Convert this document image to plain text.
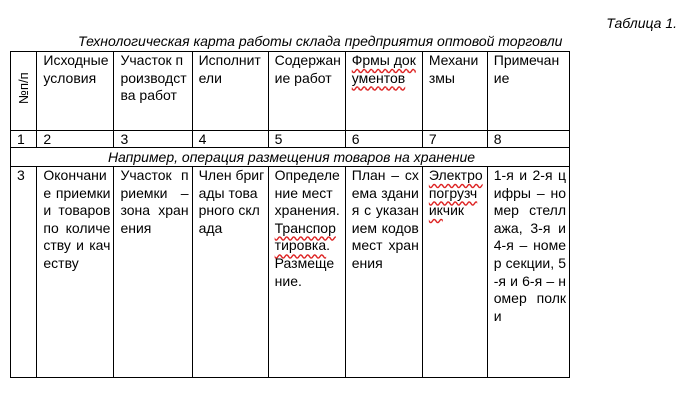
Таблица 1.
Технологическая карта работы склада предприятия оптовой торговли
№п/п	Исходные условия	Участок производства работ	Исполнители	Содержание работ	Фрмы документов	Механизмы	Примечание
1	2	3	4	5	6	7	8
Например, операция размещения товаров на хранение							
3	Окончание приемки и товаров по количеству и качеству	Участок приемки – зона хранения	Член бригады товарного склада	Определение мест хранения. Транспортировка. Размещение.	План – схема здания с указанием кодов мест хранения	Электропогрузчикчик	1-я и 2-я цифры – номер стеллажа, 3-я и 4-я – номер секции, 5-я и 6-я – номер полки
